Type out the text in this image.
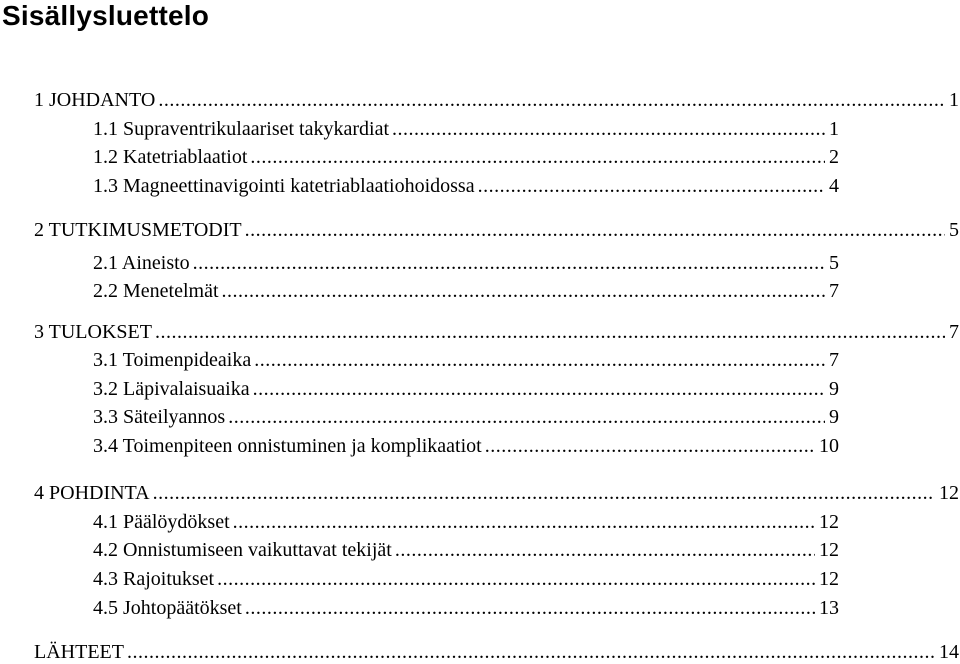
Sisällysluettelo
1 JOHDANTO .....	1
1.1 Supraventrikulaariset takykardiat .....	1
1.2 Katetriablaatiot .....	2
1.3 Magneettinavigointi katetriablaatiohoidossa .....	4
2 TUTKIMUSMETODIT .....	5
2.1 Aineisto .....	5
2.2 Menetelmät .....	7
3 TULOKSET .....	7
3.1 Toimenpideaika .....	7
3.2 Läpivalaisuaika .....	9
3.3 Säteilyannos .....	9
3.4 Toimenpiteen onnistuminen ja komplikaatiot .....	10
4 POHDINTA .....	12
4.1 Päälöydökset .....	12
4.2 Onnistumiseen vaikuttavat tekijät .....	12
4.3 Rajoitukset .....	12
4.5 Johtopäätökset .....	13
LÄHTEET .....	14
